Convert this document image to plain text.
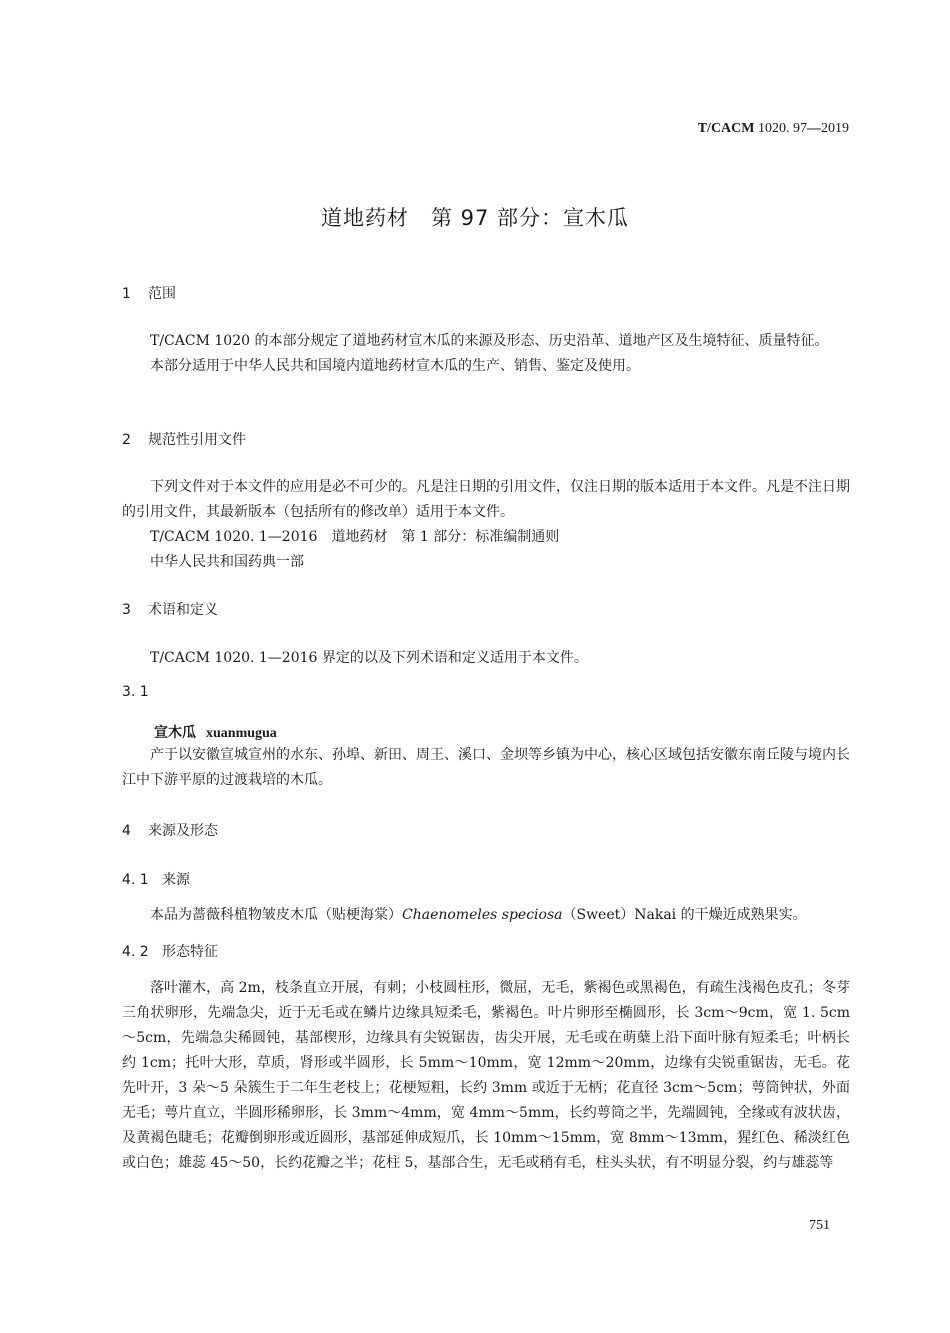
T/CACM 1020. 97—2019
道地药材　第 97 部分：宣木瓜
1 范围

T/CACM 1020 的本部分规定了道地药材宣木瓜的来源及形态、历史沿革、道地产区及生境特征、质量特征。

本部分适用于中华人民共和国境内道地药材宣木瓜的生产、销售、鉴定及使用。

2 规范性引用文件

下列文件对于本文件的应用是必不可少的。凡是注日期的引用文件，仅注日期的版本适用于本文件。凡是不注日期的引用文件，其最新版本（包括所有的修改单）适用于本文件。

T/CACM 1020. 1—2016　道地药材　第 1 部分：标准编制通则

中华人民共和国药典一部

3 术语和定义

T/CACM 1020. 1—2016 界定的以及下列术语和定义适用于本文件。

3. 1
宣木瓜 xuanmugua

产于以安徽宣城宣州的水东、孙埠、新田、周王、溪口、金坝等乡镇为中心，核心区域包括安徽东南丘陵与境内长江中下游平原的过渡栽培的木瓜。

4 来源及形态
4. 1 来源

本品为蔷薇科植物皱皮木瓜（贴梗海棠）Chaenomeles speciosa（Sweet）Nakai 的干燥近成熟果实。

4. 2 形态特征

落叶灌木，高 2m，枝条直立开展，有刺；小枝圆柱形，微屈，无毛，紫褐色或黑褐色，有疏生浅褐色皮孔；冬芽三角状卵形，先端急尖，近于无毛或在鳞片边缘具短柔毛，紫褐色。叶片卵形至椭圆形，长 3cm～9cm，宽 1. 5cm～5cm，先端急尖稀圆钝，基部楔形，边缘具有尖锐锯齿，齿尖开展，无毛或在萌蘖上沿下面叶脉有短柔毛；叶柄长约 1cm；托叶大形，草质，肾形或半圆形，长 5mm～10mm，宽 12mm～20mm，边缘有尖锐重锯齿，无毛。花先叶开，3 朵～5 朵簇生于二年生老枝上；花梗短粗，长约 3mm 或近于无柄；花直径 3cm～5cm；萼筒钟状，外面无毛；萼片直立，半圆形稀卵形，长 3mm～4mm，宽 4mm～5mm，长约萼筒之半，先端圆钝，全缘或有波状齿，及黄褐色睫毛；花瓣倒卵形或近圆形，基部延伸成短爪，长 10mm～15mm，宽 8mm～13mm，猩红色、稀淡红色或白色；雄蕊 45～50，长约花瓣之半；花柱 5，基部合生，无毛或稍有毛，柱头头状，有不明显分裂，约与雄蕊等

751
